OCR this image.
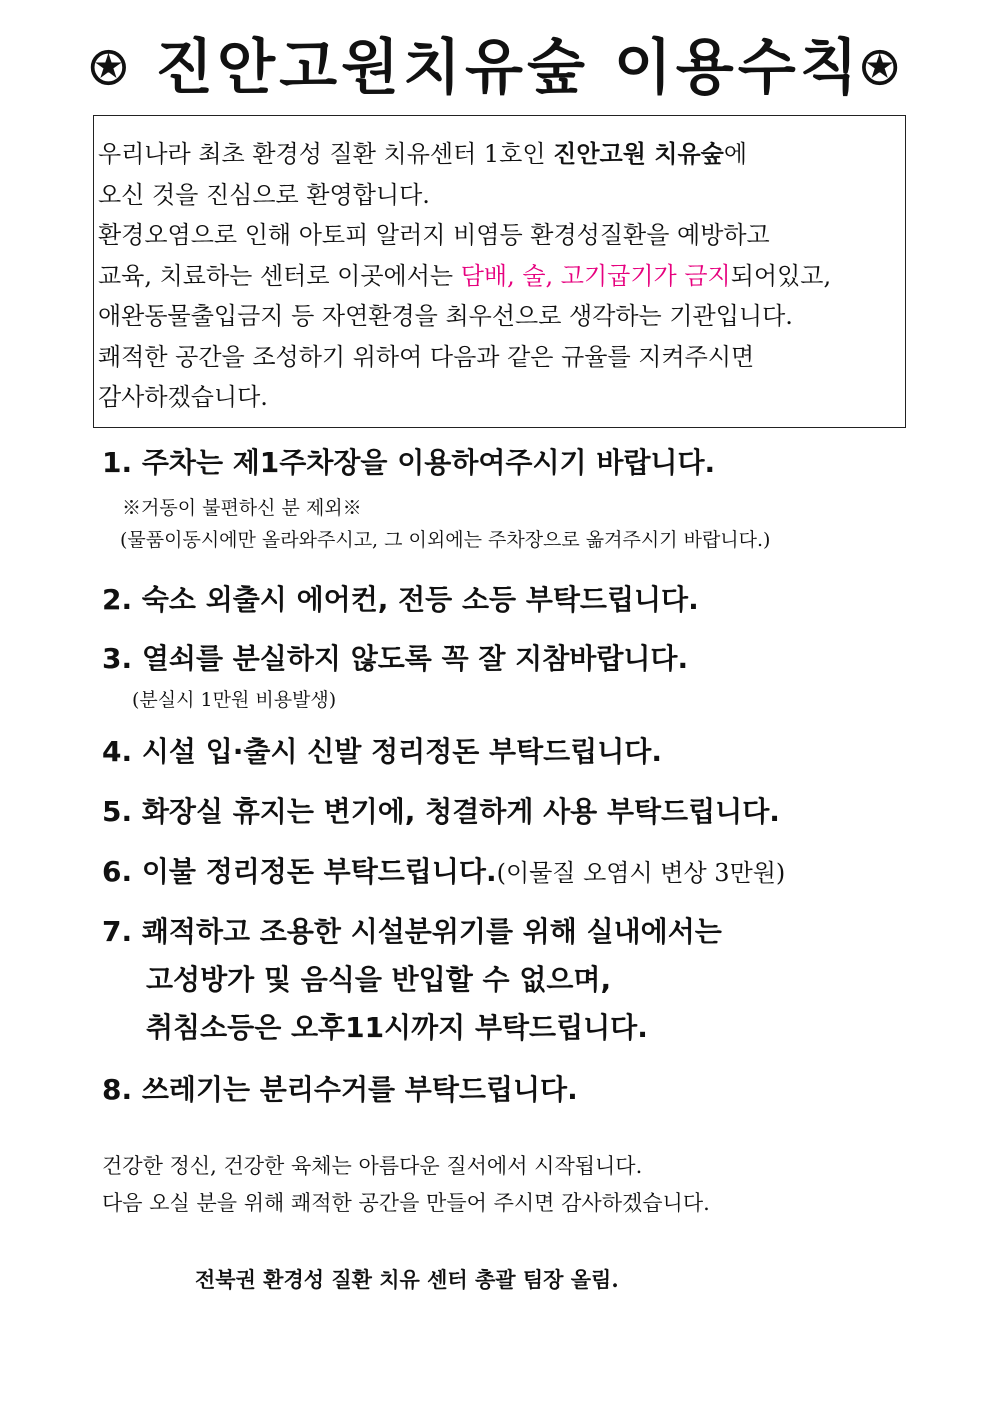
⍟ 진안고원치유숲 이용수칙⍟
우리나라 최초 환경성 질환 치유센터 1호인 진안고원 치유숲에
오신 것을 진심으로 환영합니다.
환경오염으로 인해 아토피 알러지 비염등 환경성질환을 예방하고
교육, 치료하는 센터로 이곳에서는 담배, 술, 고기굽기가 금지되어있고,
애완동물출입금지 등 자연환경을 최우선으로 생각하는 기관입니다.
쾌적한 공간을 조성하기 위하여 다음과 같은 규율를 지켜주시면
감사하겠습니다.
1. 주차는 제1주차장을 이용하여주시기 바랍니다.
※거동이 불편하신 분 제외※
(물품이동시에만 올라와주시고, 그 이외에는 주차장으로 옮겨주시기 바랍니다.)
2. 숙소 외출시 에어컨, 전등 소등 부탁드립니다.
3. 열쇠를 분실하지 않도록 꼭 잘 지참바랍니다.
(분실시 1만원 비용발생)
4. 시설 입·출시 신발 정리정돈 부탁드립니다.
5. 화장실 휴지는 변기에, 청결하게 사용 부탁드립니다.
6. 이불 정리정돈 부탁드립니다.(이물질 오염시 변상 3만원)
7. 쾌적하고 조용한 시설분위기를 위해 실내에서는
고성방가 및 음식을 반입할 수 없으며,
취침소등은 오후11시까지 부탁드립니다.
8. 쓰레기는 분리수거를 부탁드립니다.
건강한 정신, 건강한 육체는 아름다운 질서에서 시작됩니다.
다음 오실 분을 위해 쾌적한 공간을 만들어 주시면 감사하겠습니다.
전북권 환경성 질환 치유 센터 총괄 팀장 올림.
